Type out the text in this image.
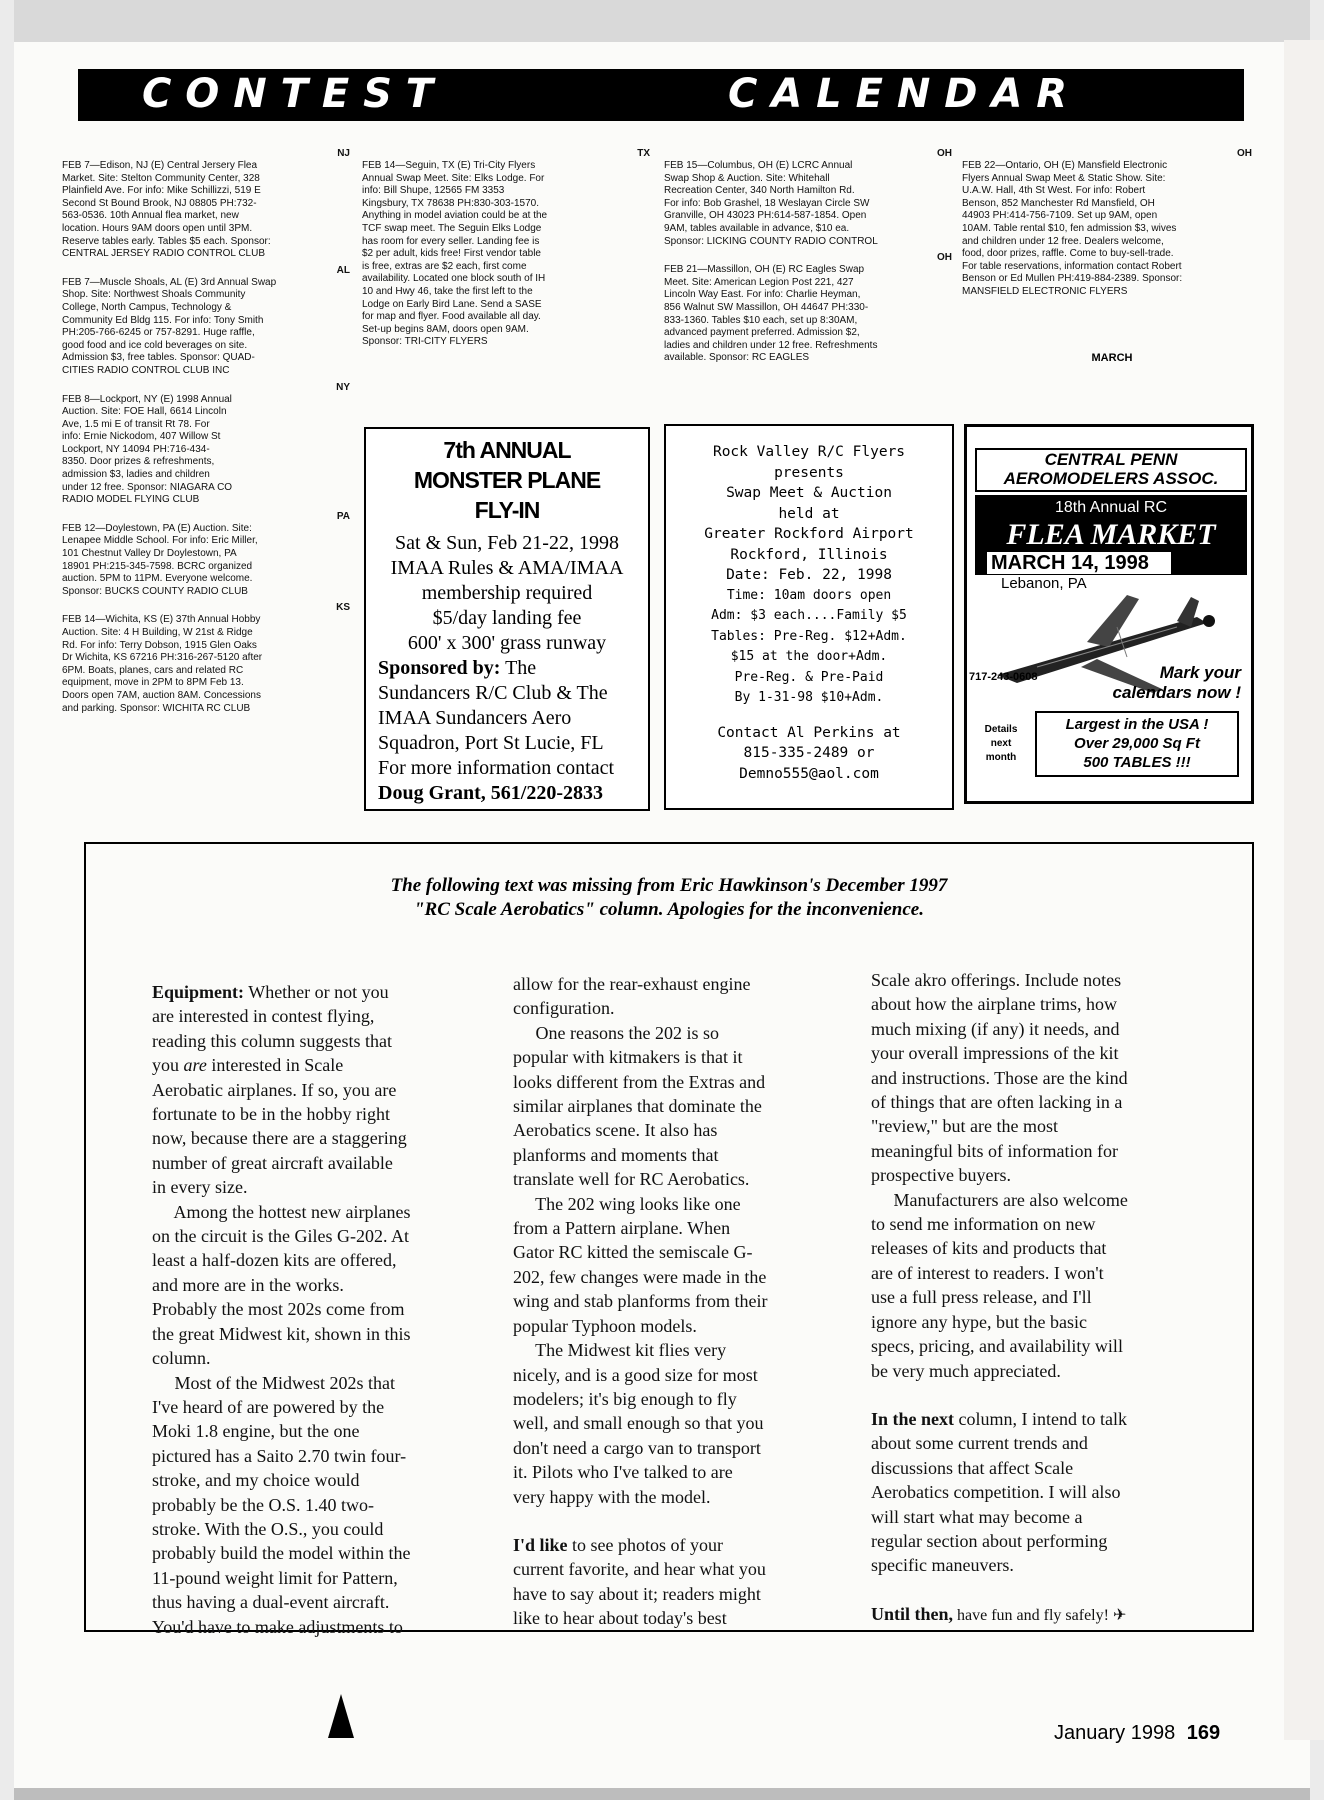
C O N T E S T	C A L E N D A R
NJ
FEB 7—Edison, NJ (E) Central Jersery Flea
Market. Site: Stelton Community Center, 328
Plainfield Ave. For info: Mike Schillizzi, 519 E
Second St Bound Brook, NJ 08805 PH:732-
563-0536. 10th Annual flea market, new
location. Hours 9AM doors open until 3PM.
Reserve tables early. Tables $5 each. Sponsor:
CENTRAL JERSEY RADIO CONTROL CLUB
AL
FEB 7—Muscle Shoals, AL (E) 3rd Annual Swap
Shop. Site: Northwest Shoals Community
College, North Campus, Technology &
Community Ed Bldg 115. For info: Tony Smith
PH:205-766-6245 or 757-8291. Huge raffle,
good food and ice cold beverages on site.
Admission $3, free tables. Sponsor: QUAD-
CITIES RADIO CONTROL CLUB INC
NY
FEB 8—Lockport, NY (E) 1998 Annual
Auction. Site: FOE Hall, 6614 Lincoln
Ave, 1.5 mi E of transit Rt 78. For
info: Ernie Nickodom, 407 Willow St
Lockport, NY 14094 PH:716-434-
8350. Door prizes & refreshments,
admission $3, ladies and children
under 12 free. Sponsor: NIAGARA CO
RADIO MODEL FLYING CLUB
PA
FEB 12—Doylestown, PA (E) Auction. Site:
Lenapee Middle School. For info: Eric Miller,
101 Chestnut Valley Dr Doylestown, PA
18901 PH:215-345-7598. BCRC organized
auction. 5PM to 11PM. Everyone welcome.
Sponsor: BUCKS COUNTY RADIO CLUB
KS
FEB 14—Wichita, KS (E) 37th Annual Hobby
Auction. Site: 4 H Building, W 21st & Ridge
Rd. For info: Terry Dobson, 1915 Glen Oaks
Dr Wichita, KS 67216 PH:316-267-5120 after
6PM. Boats, planes, cars and related RC
equipment, move in 2PM to 8PM Feb 13.
Doors open 7AM, auction 8AM. Concessions
and parking. Sponsor: WICHITA RC CLUB
TX
FEB 14—Seguin, TX (E) Tri-City Flyers
Annual Swap Meet. Site: Elks Lodge. For
info: Bill Shupe, 12565 FM 3353
Kingsbury, TX 78638 PH:830-303-1570.
Anything in model aviation could be at the
TCF swap meet. The Seguin Elks Lodge
has room for every seller. Landing fee is
$2 per adult, kids free! First vendor table
is free, extras are $2 each, first come
availability. Located one block south of IH
10 and Hwy 46, take the first left to the
Lodge on Early Bird Lane. Send a SASE
for map and flyer. Food available all day.
Set-up begins 8AM, doors open 9AM.
Sponsor: TRI-CITY FLYERS
OH
FEB 15—Columbus, OH (E) LCRC Annual
Swap Shop & Auction. Site: Whitehall
Recreation Center, 340 North Hamilton Rd.
For info: Bob Grashel, 18 Weslayan Circle SW
Granville, OH 43023 PH:614-587-1854. Open
9AM, tables available in advance, $10 ea.
Sponsor: LICKING COUNTY RADIO CONTROL
OH
FEB 21—Massillon, OH (E) RC Eagles Swap
Meet. Site: American Legion Post 221, 427
Lincoln Way East. For info: Charlie Heyman,
856 Walnut SW Massillon, OH 44647 PH:330-
833-1360. Tables $10 each, set up 8:30AM,
advanced payment preferred. Admission $2,
ladies and children under 12 free. Refreshments
available. Sponsor: RC EAGLES
OH
FEB 22—Ontario, OH (E) Mansfield Electronic
Flyers Annual Swap Meet & Static Show. Site:
U.A.W. Hall, 4th St West. For info: Robert
Benson, 852 Manchester Rd Mansfield, OH
44903 PH:414-756-7109. Set up 9AM, open
10AM. Table rental $10, fen admission $3, wives
and children under 12 free. Dealers welcome,
food, door prizes, raffle. Come to buy-sell-trade.
For table reservations, information contact Robert
Benson or Ed Mullen PH:419-884-2389. Sponsor:
MANSFIELD ELECTRONIC FLYERS
MARCH
7th ANNUAL
MONSTER PLANE
FLY-IN
Sat & Sun, Feb 21-22, 1998
IMAA Rules & AMA/IMAA
membership required
$5/day landing fee
600' x 300' grass runway
Sponsored by: The
Sundancers R/C Club & The
IMAA Sundancers Aero
Squadron, Port St Lucie, FL
For more information contact
Doug Grant, 561/220-2833
Rock Valley R/C Flyers
presents
Swap Meet & Auction
held at
Greater Rockford Airport
Rockford, Illinois
Date: Feb. 22, 1998
Time: 10am doors open
Adm: $3 each....Family $5
Tables: Pre-Reg. $12+Adm.
$15 at the door+Adm.
Pre-Reg. & Pre-Paid
By 1-31-98 $10+Adm.
Contact Al Perkins at
815-335-2489 or
Demno555@aol.com
CENTRAL PENN
AEROMODELERS ASSOC.
18th Annual RC
FLEA MARKET
MARCH 14, 1998
Lebanon, PA
717-243-0608	Mark your
calendars now !
Details
next
month
Largest in the USA !
Over 29,000 Sq Ft
500 TABLES !!!
The following text was missing from Eric Hawkinson's December 1997
"RC Scale Aerobatics" column. Apologies for the inconvenience.

Equipment: Whether or not you

are interested in contest flying,

reading this column suggests that

you are interested in Scale

Aerobatic airplanes. If so, you are

fortunate to be in the hobby right

now, because there are a staggering

number of great aircraft available

in every size.

Among the hottest new airplanes

on the circuit is the Giles G-202. At

least a half-dozen kits are offered,

and more are in the works.

Probably the most 202s come from

the great Midwest kit, shown in this

column.

Most of the Midwest 202s that

I've heard of are powered by the

Moki 1.8 engine, but the one

pictured has a Saito 2.70 twin four-

stroke, and my choice would

probably be the O.S. 1.40 two-

stroke. With the O.S., you could

probably build the model within the

11-pound weight limit for Pattern,

thus having a dual-event aircraft.

You'd have to make adjustments to

allow for the rear-exhaust engine

configuration.

One reasons the 202 is so

popular with kitmakers is that it

looks different from the Extras and

similar airplanes that dominate the

Aerobatics scene. It also has

planforms and moments that

translate well for RC Aerobatics.

The 202 wing looks like one

from a Pattern airplane. When

Gator RC kitted the semiscale G-

202, few changes were made in the

wing and stab planforms from their

popular Typhoon models.

The Midwest kit flies very

nicely, and is a good size for most

modelers; it's big enough to fly

well, and small enough so that you

don't need a cargo van to transport

it. Pilots who I've talked to are

very happy with the model.

I'd like to see photos of your

current favorite, and hear what you

have to say about it; readers might

like to hear about today's best

Scale akro offerings. Include notes

about how the airplane trims, how

much mixing (if any) it needs, and

your overall impressions of the kit

and instructions. Those are the kind

of things that are often lacking in a

"review," but are the most

meaningful bits of information for

prospective buyers.

Manufacturers are also welcome

to send me information on new

releases of kits and products that

are of interest to readers. I won't

use a full press release, and I'll

ignore any hype, but the basic

specs, pricing, and availability will

be very much appreciated.

In the next column, I intend to talk

about some current trends and

discussions that affect Scale

Aerobatics competition. I will also

will start what may become a

regular section about performing

specific maneuvers.

Until then, have fun and fly safely! ✈

January 1998 169
